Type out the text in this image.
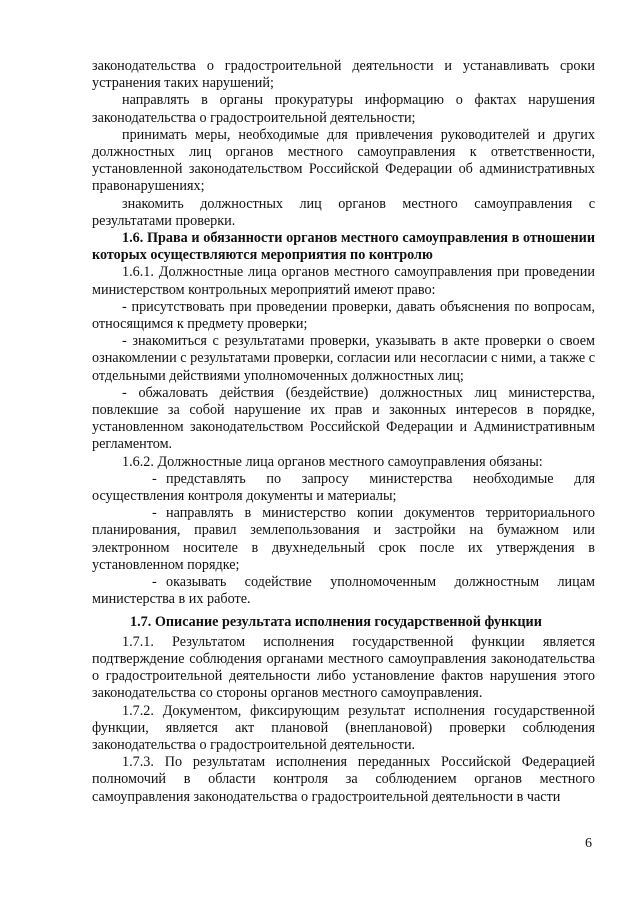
законодательства о градостроительной деятельности и устанавливать сроки устранения таких нарушений;

направлять в органы прокуратуры информацию о фактах нарушения законодательства о градостроительной деятельности;

принимать меры, необходимые для привлечения руководителей и других должностных лиц органов местного самоуправления к ответственности, установленной законодательством Российской Федерации об административных правонарушениях;

знакомить должностных лиц органов местного самоуправления с результатами проверки.

1.6. Права и обязанности органов местного самоуправления в отношении которых осуществляются мероприятия по контролю

1.6.1. Должностные лица органов местного самоуправления при проведении министерством контрольных мероприятий имеют право:

- присутствовать при проведении проверки, давать объяснения по вопросам, относящимся к предмету проверки;

- знакомиться с результатами проверки, указывать в акте проверки о своем ознакомлении с результатами проверки, согласии или несогласии с ними, а также с отдельными действиями уполномоченных должностных лиц;

- обжаловать действия (бездействие) должностных лиц министерства, повлекшие за собой нарушение их прав и законных интересов в порядке, установленном законодательством Российской Федерации и Административным регламентом.

1.6.2. Должностные лица органов местного самоуправления обязаны:

- представлять по запросу министерства необходимые для осуществления контроля документы и материалы;

- направлять в министерство копии документов территориального планирования, правил землепользования и застройки на бумажном или электронном носителе в двухнедельный срок после их утверждения в установленном порядке;

- оказывать содействие уполномоченным должностным лицам министерства в их работе.

1.7. Описание результата исполнения государственной функции

1.7.1. Результатом исполнения государственной функции является подтверждение соблюдения органами местного самоуправления законодательства о градостроительной деятельности либо установление фактов нарушения этого законодательства со стороны органов местного самоуправления.

1.7.2. Документом, фиксирующим результат исполнения государственной функции, является акт плановой (внеплановой) проверки соблюдения законодательства о градостроительной деятельности.

1.7.3. По результатам исполнения переданных Российской Федерацией полномочий в области контроля за соблюдением органов местного самоуправления законодательства о градостроительной деятельности в части

6
